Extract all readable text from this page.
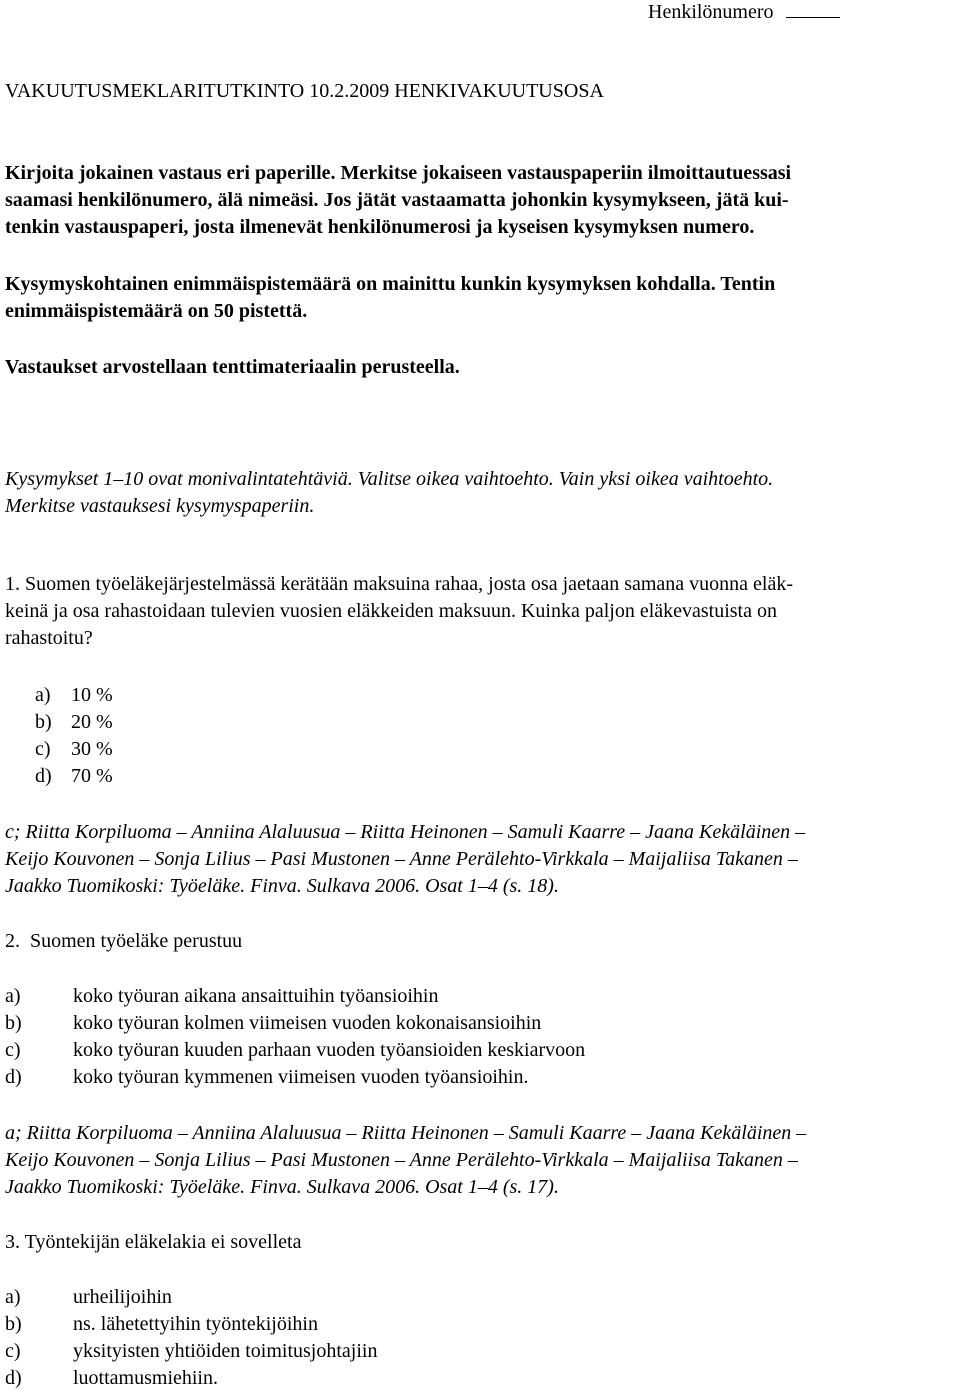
Henkilönumero
VAKUUTUSMEKLARITUTKINTO 10.2.2009 HENKIVAKUUTUSOSA

Kirjoita jokainen vastaus eri paperille. Merkitse jokaiseen vastauspaperiin ilmoittautuessasi

saamasi henkilönumero, älä nimeäsi. Jos jätät vastaamatta johonkin kysymykseen, jätä kui-

tenkin vastauspaperi, josta ilmenevät henkilönumerosi ja kyseisen kysymyksen numero.

Kysymyskohtainen enimmäispistemäärä on mainittu kunkin kysymyksen kohdalla. Tentin

enimmäispistemäärä on 50 pistettä.

Vastaukset arvostellaan tenttimateriaalin perusteella.

Kysymykset 1–10 ovat monivalintatehtäviä. Valitse oikea vaihtoehto. Vain yksi oikea vaihtoehto.

Merkitse vastauksesi kysymyspaperiin.

1. Suomen työeläkejärjestelmässä kerätään maksuina rahaa, josta osa jaetaan samana vuonna eläk-

keinä ja osa rahastoidaan tulevien vuosien eläkkeiden maksuun. Kuinka paljon eläkevastuista on

rahastoitu?

a)	10 %
b) 20 %
c)	30 %
d) 70 %

c; Riitta Korpiluoma – Anniina Alaluusua – Riitta Heinonen – Samuli Kaarre – Jaana Kekäläinen –

Keijo Kouvonen – Sonja Lilius – Pasi Mustonen – Anne Perälehto-Virkkala – Maijaliisa Takanen –

Jaakko Tuomikoski: Työeläke. Finva. Sulkava 2006. Osat 1–4 (s. 18).

2. Suomen työeläke perustuu

a)	koko työuran aikana ansaittuihin työansioihin
b)	koko työuran kolmen viimeisen vuoden kokonaisansioihin
c)	koko työuran kuuden parhaan vuoden työansioiden keskiarvoon
d)	koko työuran kymmenen viimeisen vuoden työansioihin.

a; Riitta Korpiluoma – Anniina Alaluusua – Riitta Heinonen – Samuli Kaarre – Jaana Kekäläinen –

Keijo Kouvonen – Sonja Lilius – Pasi Mustonen – Anne Perälehto-Virkkala – Maijaliisa Takanen –

Jaakko Tuomikoski: Työeläke. Finva. Sulkava 2006. Osat 1–4 (s. 17).

3. Työntekijän eläkelakia ei sovelleta

a)	urheilijoihin
b)	ns. lähetettyihin työntekijöihin
c)	yksityisten yhtiöiden toimitusjohtajiin
d)	luottamusmiehiin.
